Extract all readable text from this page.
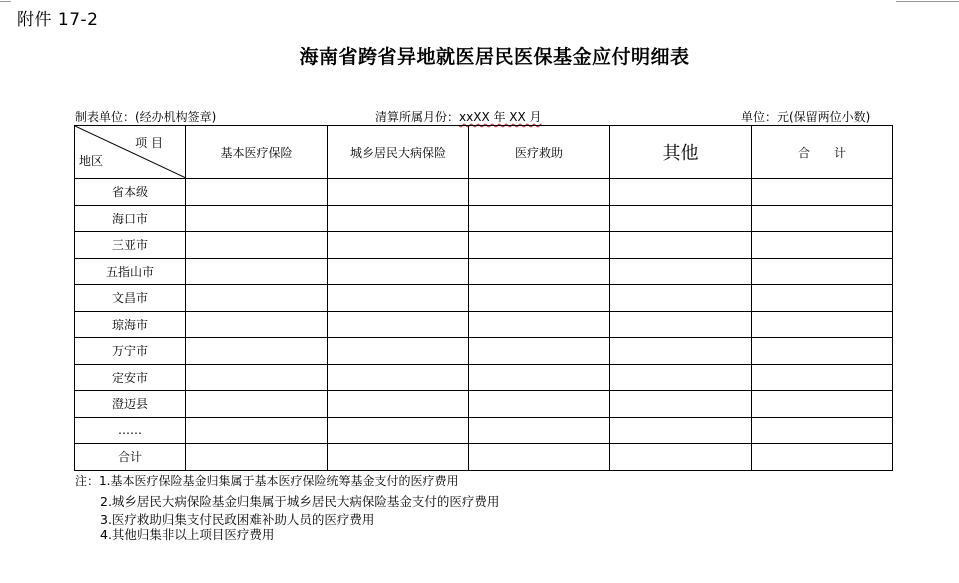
附件 17-2
海南省跨省异地就医居民医保基金应付明细表
制表单位：(经办机构签章)	清算所属月份：xxXX 年 XX 月	单位：元(保留两位小数)
项 目
地区	基本医疗保险	城乡居民大病保险	医疗救助	其他	合　　计
省本级					
海口市					
三亚市					
五指山市					
文昌市					
琼海市					
万宁市					
定安市					
澄迈县					
……					
合计					
注：1.基本医疗保险基金归集属于基本医疗保险统筹基金支付的医疗费用
2.城乡居民大病保险基金归集属于城乡居民大病保险基金支付的医疗费用
3.医疗救助归集支付民政困难补助人员的医疗费用
4.其他归集非以上项目医疗费用
